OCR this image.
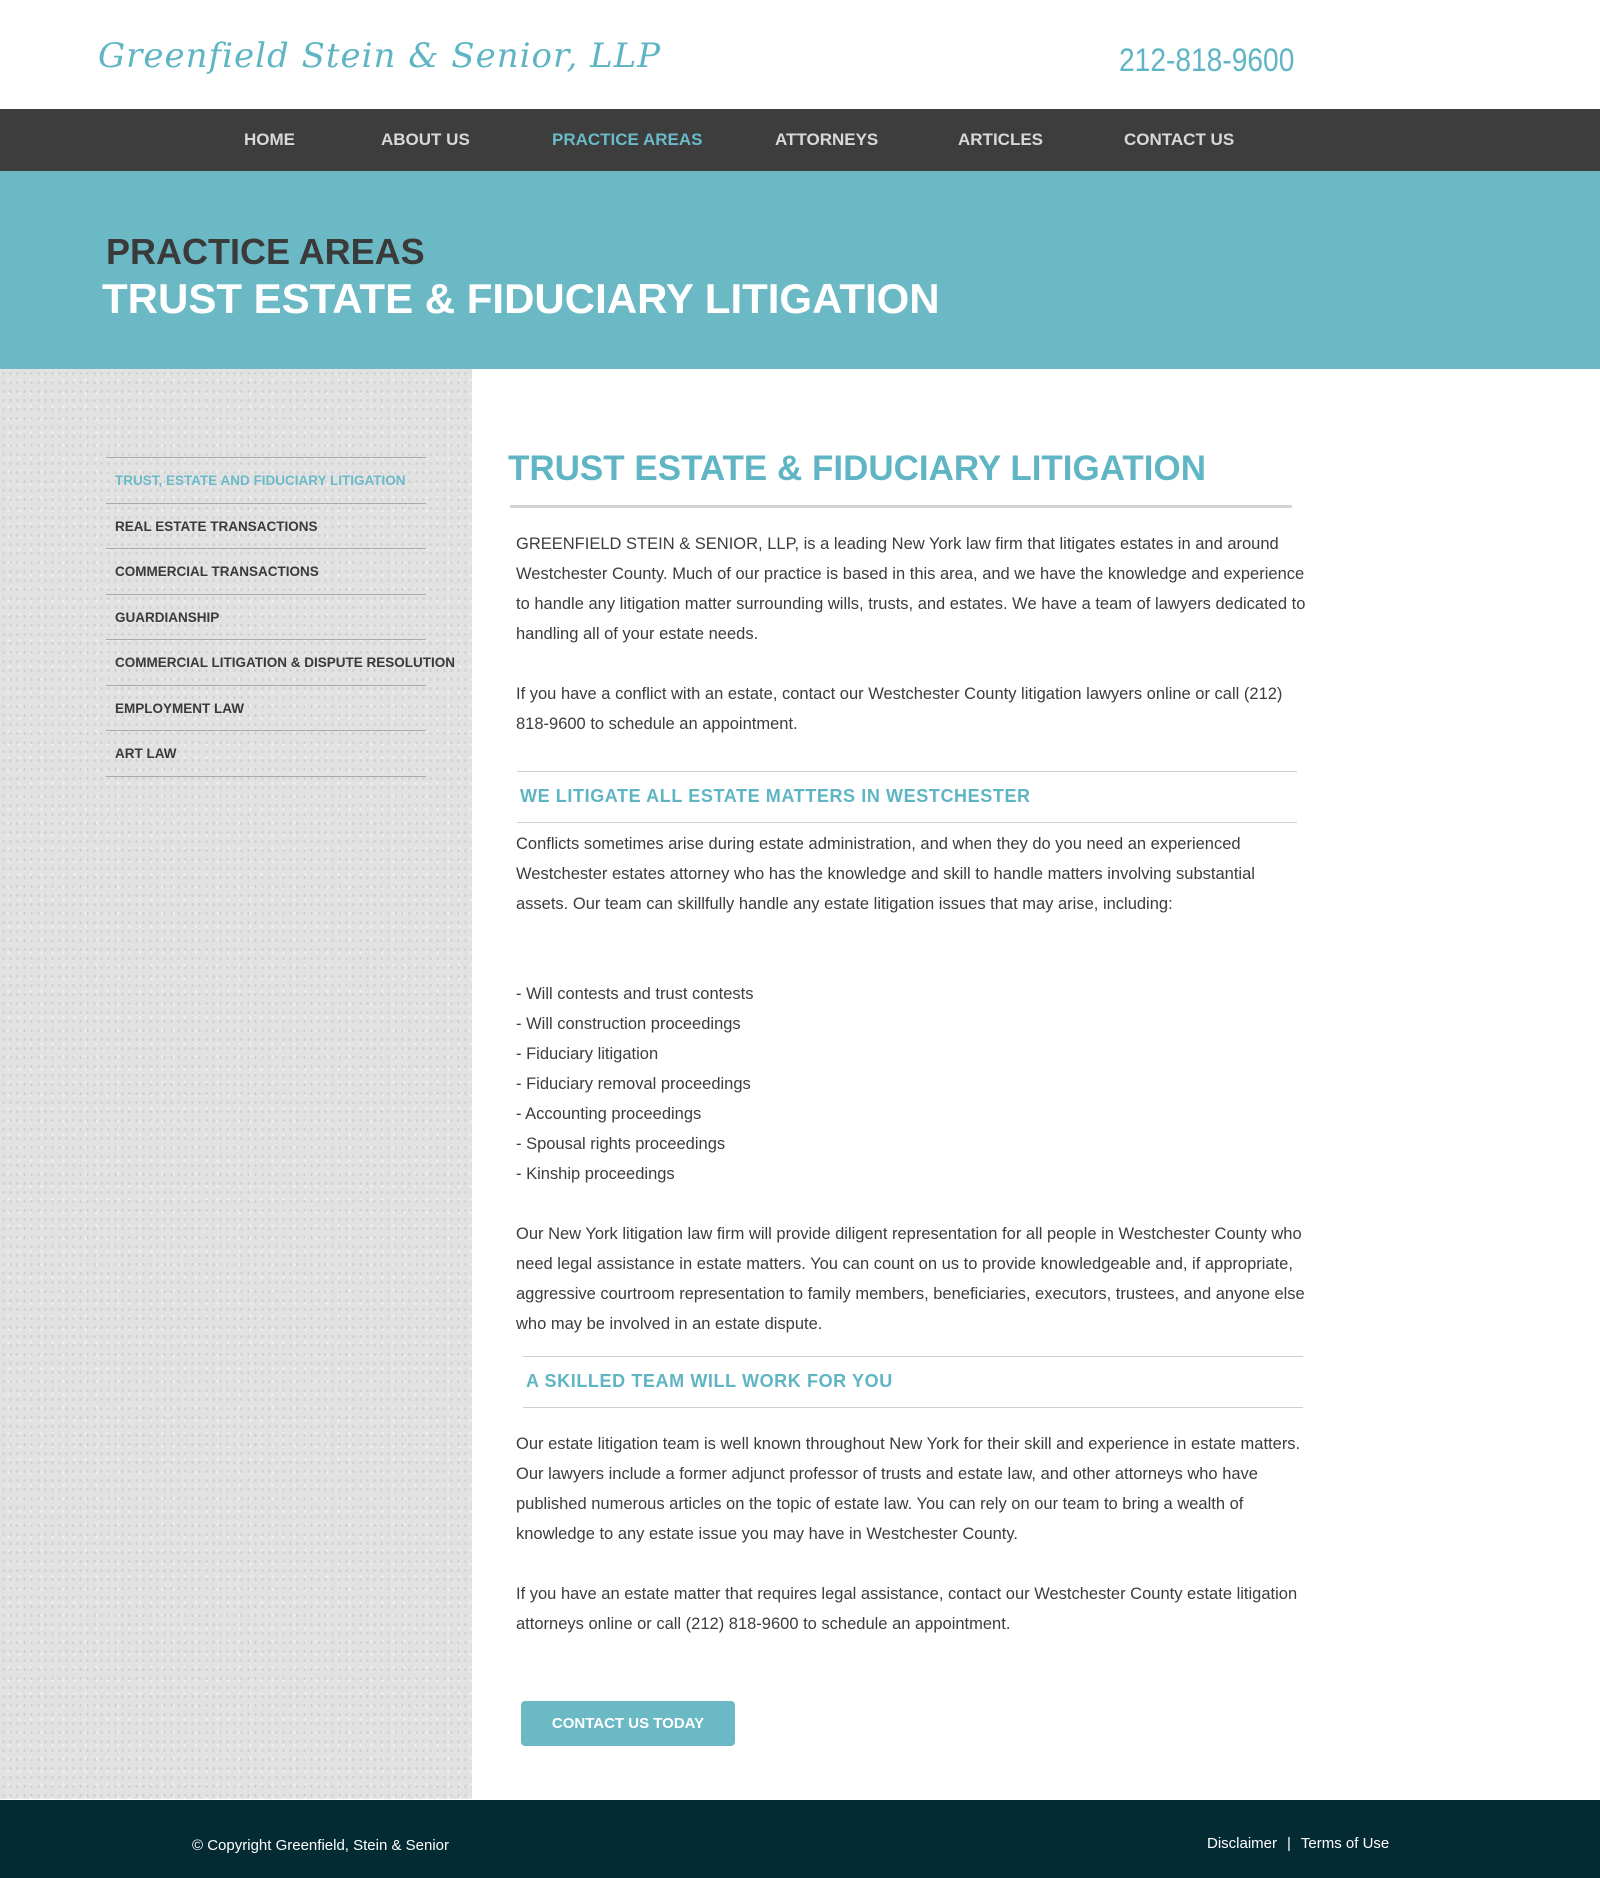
Greenfield Stein & Senior, LLP	212-818-9600
HOME	ABOUT US	PRACTICE AREAS	ATTORNEYS	ARTICLES	CONTACT US
PRACTICE AREAS
TRUST ESTATE & FIDUCIARY LITIGATION
TRUST, ESTATE AND FIDUCIARY LITIGATION
REAL ESTATE TRANSACTIONS
COMMERCIAL TRANSACTIONS
GUARDIANSHIP
COMMERCIAL LITIGATION & DISPUTE RESOLUTION
EMPLOYMENT LAW
ART LAW
TRUST ESTATE & FIDUCIARY LITIGATION

GREENFIELD STEIN & SENIOR, LLP, is a leading New York law firm that litigates estates in and around Westchester County. Much of our practice is based in this area, and we have the knowledge and experience to handle any litigation matter surrounding wills, trusts, and estates. We have a team of lawyers dedicated to handling all of your estate needs.

If you have a conflict with an estate, contact our Westchester County litigation lawyers online or call (212) 818-9600 to schedule an appointment.

WE LITIGATE ALL ESTATE MATTERS IN WESTCHESTER

Conflicts sometimes arise during estate administration, and when they do you need an experienced Westchester estates attorney who has the knowledge and skill to handle matters involving substantial assets. Our team can skillfully handle any estate litigation issues that may arise, including:

- Will contests and trust contests
- Will construction proceedings
- Fiduciary litigation
- Fiduciary removal proceedings
- Accounting proceedings
- Spousal rights proceedings
- Kinship proceedings

Our New York litigation law firm will provide diligent representation for all people in Westchester County who need legal assistance in estate matters. You can count on us to provide knowledgeable and, if appropriate, aggressive courtroom representation to family members, beneficiaries, executors, trustees, and anyone else who may be involved in an estate dispute.

A SKILLED TEAM WILL WORK FOR YOU

Our estate litigation team is well known throughout New York for their skill and experience in estate matters. Our lawyers include a former adjunct professor of trusts and estate law, and other attorneys who have published numerous articles on the topic of estate law. You can rely on our team to bring a wealth of knowledge to any estate issue you may have in Westchester County.

If you have an estate matter that requires legal assistance, contact our Westchester County estate litigation attorneys online or call (212) 818-9600 to schedule an appointment.

CONTACT US TODAY
© Copyright Greenfield, Stein & Senior	Disclaimer | Terms of Use
